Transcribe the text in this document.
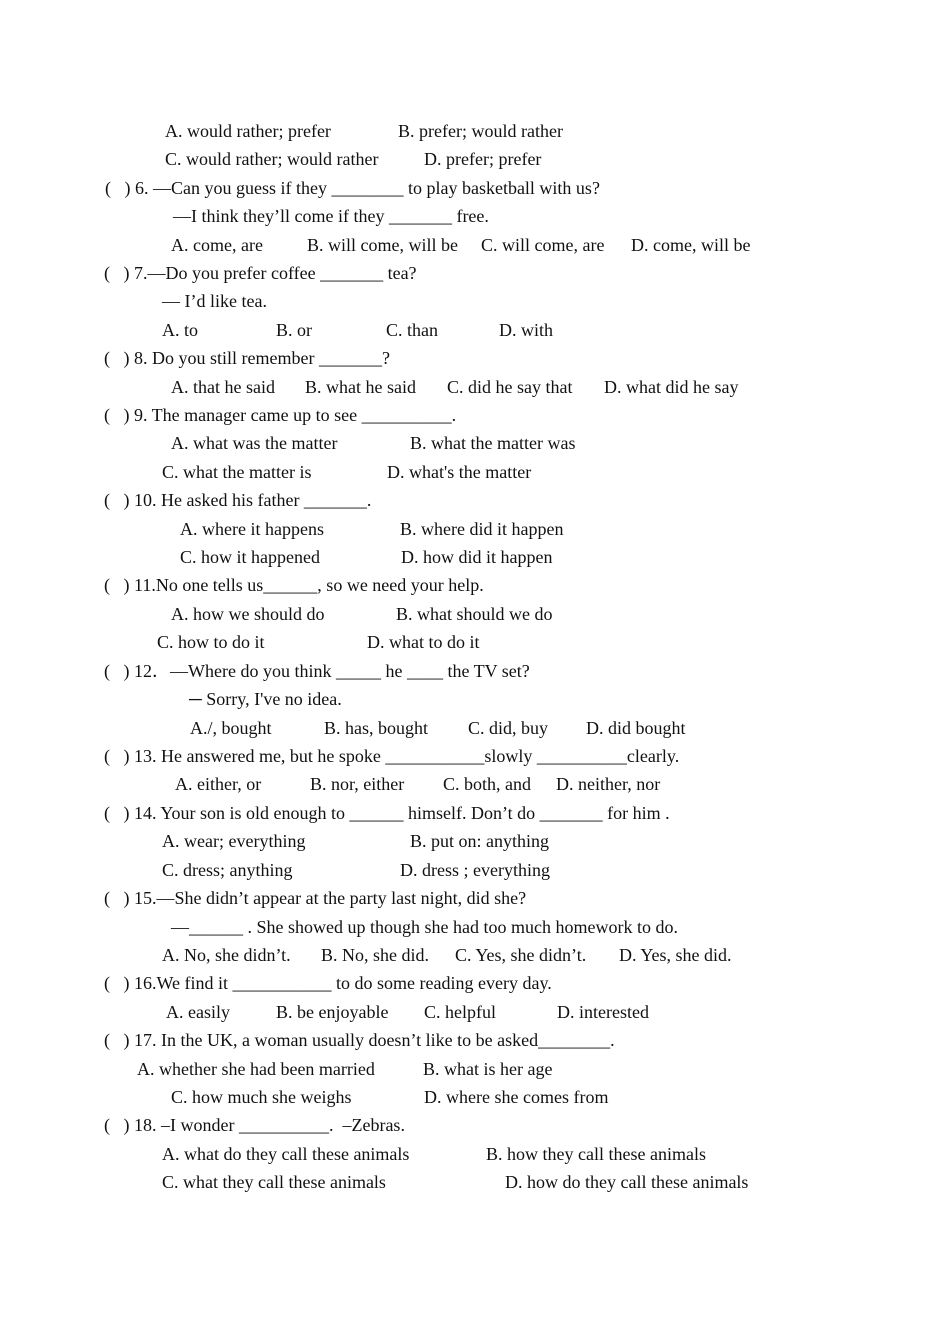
A. would rather; prefer	B. prefer; would rather
C. would rather; would rather	D. prefer; prefer
(   ) 6. —Can you guess if they ________ to play basketball with us?
—I think they’ll come if they _______ free.
A. come, are B. will come, will be C. will come, are D. come, will be
(   ) 7.—Do you prefer coffee _______ tea?
— I’d like tea.
A. to	B. or	C. than	D. with
(   ) 8. Do you still remember _______?
A. that he said B. what he said C. did he say that D. what did he say
(   ) 9. The manager came up to see __________.
A. what was the matter	B. what the matter was
C. what the matter is	D. what's the matter
(   ) 10. He asked his father _______.
A. where it happens	B. where did it happen
C. how it happened	D. how did it happen
(   ) 11.No one tells us______, so we need your help.
A. how we should do	B. what should we do
C. how to do it	D. what to do it
(   ) 12．—Where do you think _____ he ____ the TV set?
─ Sorry, I've no idea.
A./, bought	B. has, bought C. did, buy D. did bought
(   ) 13. He answered me, but he spoke ___________slowly __________clearly.
A. either, or	B. nor, either C. both, and D. neither, nor
(   ) 14. Your son is old enough to ______ himself. Don’t do _______ for him .
A. wear; everything	B. put on: anything
C. dress; anything	D. dress ; everything
(   ) 15.—She didn’t appear at the party last night, did she?
—______ . She showed up though she had too much homework to do.
A. No, she didn’t. B. No, she did. C. Yes, she didn’t. D. Yes, she did.
(   ) 16.We find it ___________ to do some reading every day.
A. easily	B. be enjoyable C. helpful	D. interested
(   ) 17. In the UK, a woman usually doesn’t like to be asked________.
A. whether she had been married	B. what is her age
C. how much she weighs	D. where she comes from
(   ) 18. –I wonder __________.  –Zebras.
A. what do they call these animals	B. how they call these animals
C. what they call these animals	D. how do they call these animals
